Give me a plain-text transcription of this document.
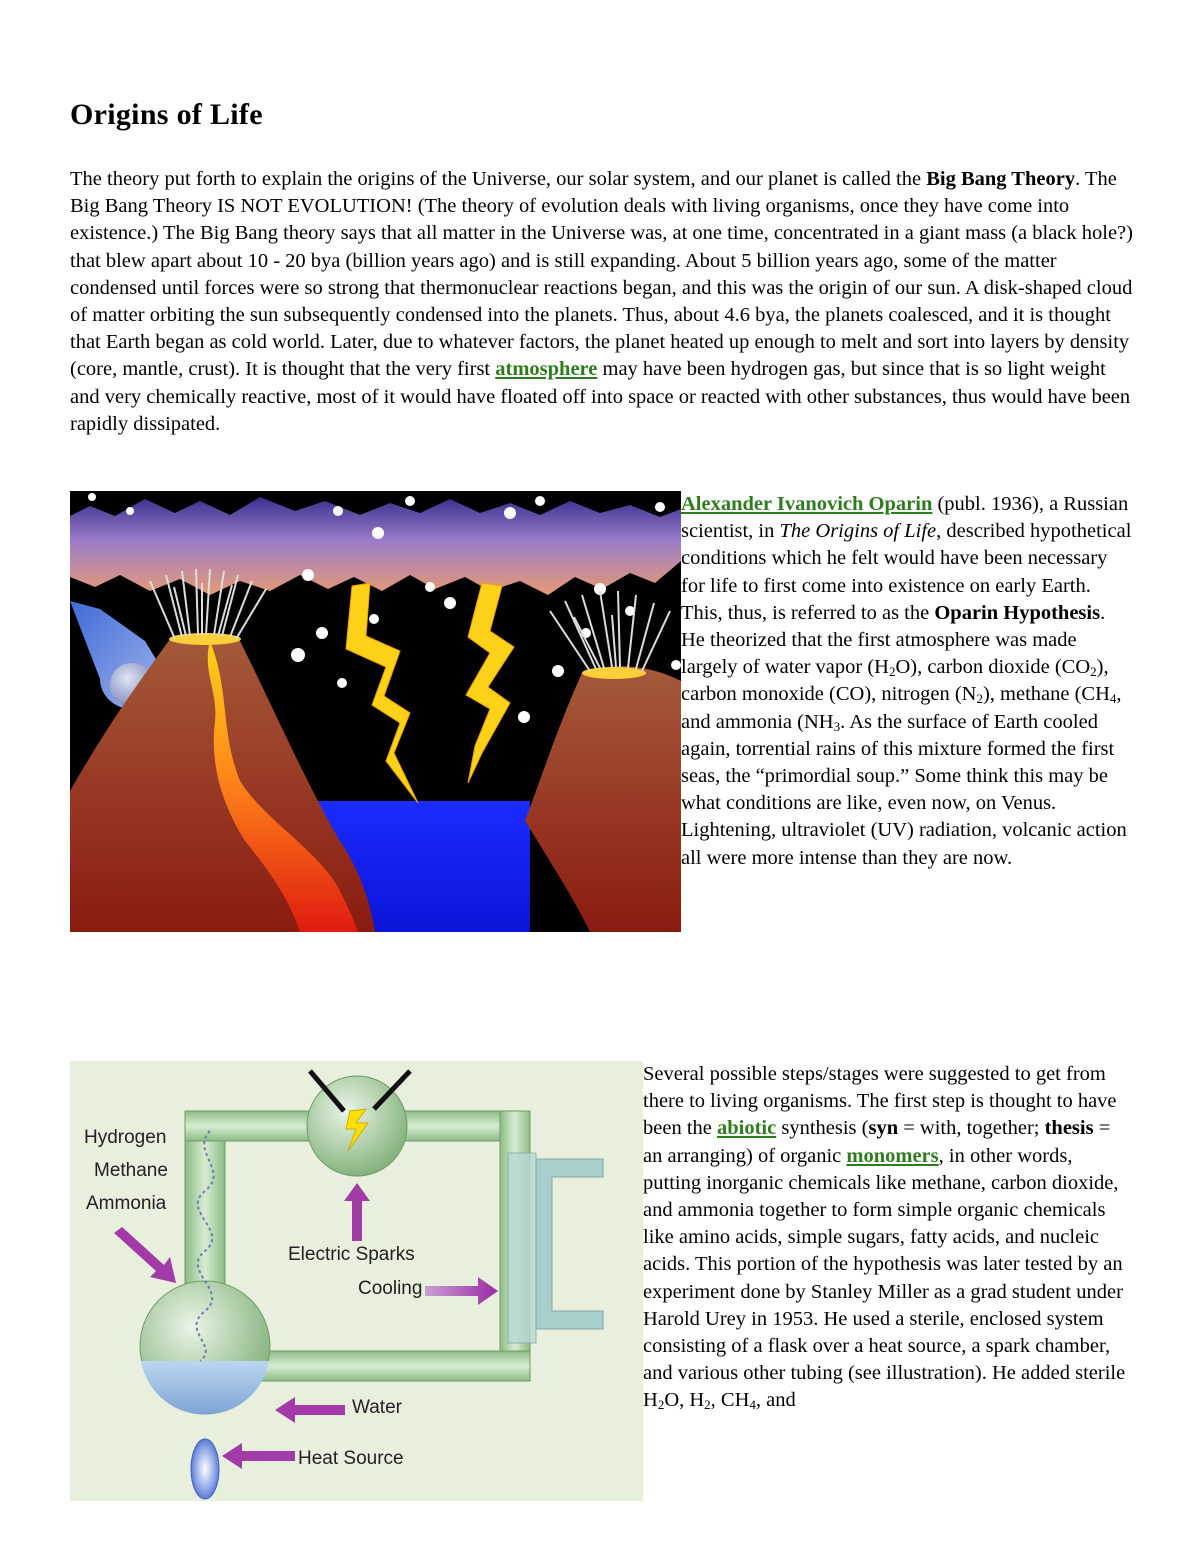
Origins of Life

The theory put forth to explain the origins of the Universe, our solar system, and our planet is called the Big Bang Theory. The Big Bang Theory IS NOT EVOLUTION! (The theory of evolution deals with living organisms, once they have come into existence.) The Big Bang theory says that all matter in the Universe was, at one time, concentrated in a giant mass (a black hole?) that blew apart about 10 - 20 bya (billion years ago) and is still expanding. About 5 billion years ago, some of the matter condensed until forces were so strong that thermonuclear reactions began, and this was the origin of our sun. A disk-shaped cloud of matter orbiting the sun subsequently condensed into the planets. Thus, about 4.6 bya, the planets coalesced, and it is thought that Earth began as cold world. Later, due to whatever factors, the planet heated up enough to melt and sort into layers by density (core, mantle, crust). It is thought that the very first atmosphere may have been hydrogen gas, but since that is so light weight and very chemically reactive, most of it would have floated off into space or reacted with other substances, thus would have been rapidly dissipated.

Alexander Ivanovich Oparin (publ. 1936), a Russian scientist, in The Origins of Life, described hypothetical conditions which he felt would have been necessary for life to first come into existence on early Earth. This, thus, is referred to as the Oparin Hypothesis. He theorized that the first atmosphere was made largely of water vapor $(H_2O)$, carbon dioxide $(CO_2)$, carbon monoxide (CO), nitrogen $(N_2)$, methane ($CH_4$, and ammonia ($NH_3$. As the surface of Earth cooled again, torrential rains of this mixture formed the first seas, the “primordial soup.” Some think this may be what conditions are like, even now, on Venus. Lightening, ultraviolet (UV) radiation, volcanic action all were more intense than they are now.

Hydrogen
Methane
Ammonia
Electric Sparks
Cooling
Water
Heat Source

Several possible steps/stages were suggested to get from there to living organisms. The first step is thought to have been the abiotic synthesis (syn = with, together; thesis = an arranging) of organic monomers, in other words, putting inorganic chemicals like methane, carbon dioxide, and ammonia together to form simple organic chemicals like amino acids, simple sugars, fatty acids, and nucleic acids. This portion of the hypothesis was later tested by an experiment done by Stanley Miller as a grad student under Harold Urey in 1953. He used a sterile, enclosed system consisting of a flask over a heat source, a spark chamber, and various other tubing (see illustration). He added sterile $H_2O$, $H_2$, $CH_4$, and
